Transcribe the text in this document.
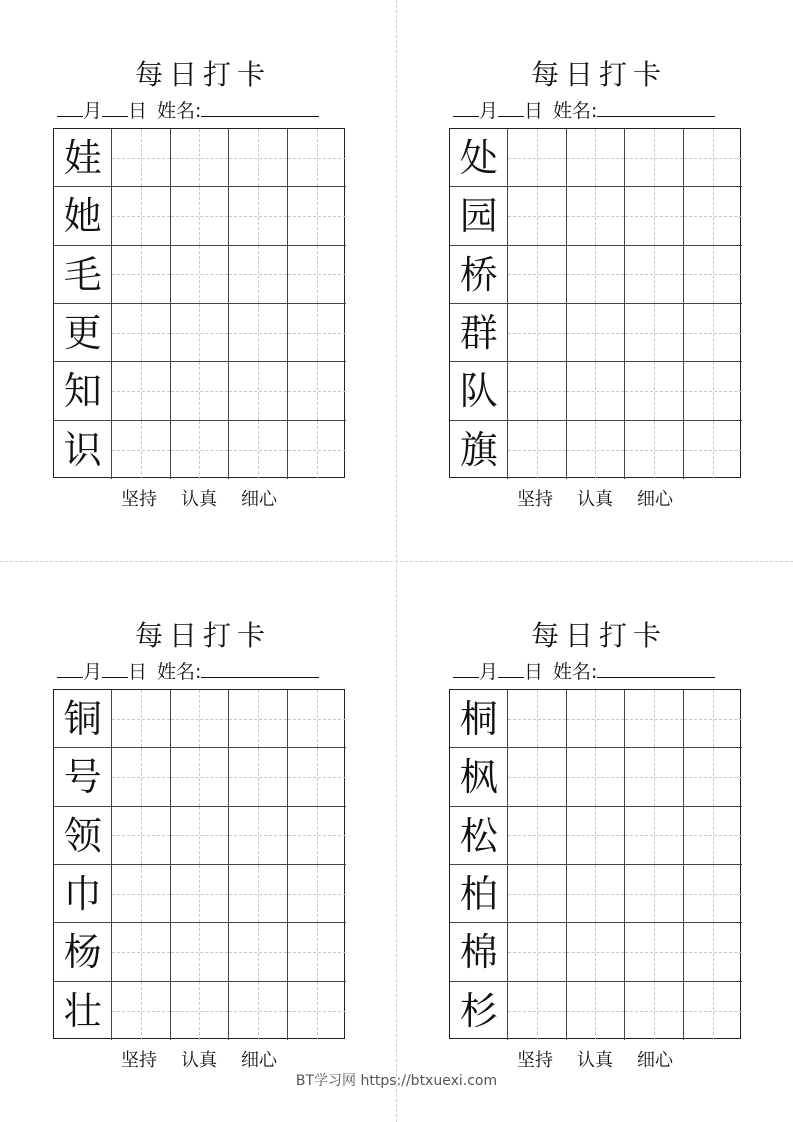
每日打卡
月 日 姓名:
娃
她
毛
更
知
识
坚持 认真 细心
每日打卡
月 日 姓名:
处
园
桥
群
队
旗
坚持 认真 细心
每日打卡
月 日 姓名:
铜
号
领
巾
杨
壮
坚持 认真 细心
每日打卡
月 日 姓名:
桐
枫
松
柏
棉
杉
坚持 认真 细心
BT学习网 https://btxuexi.com
